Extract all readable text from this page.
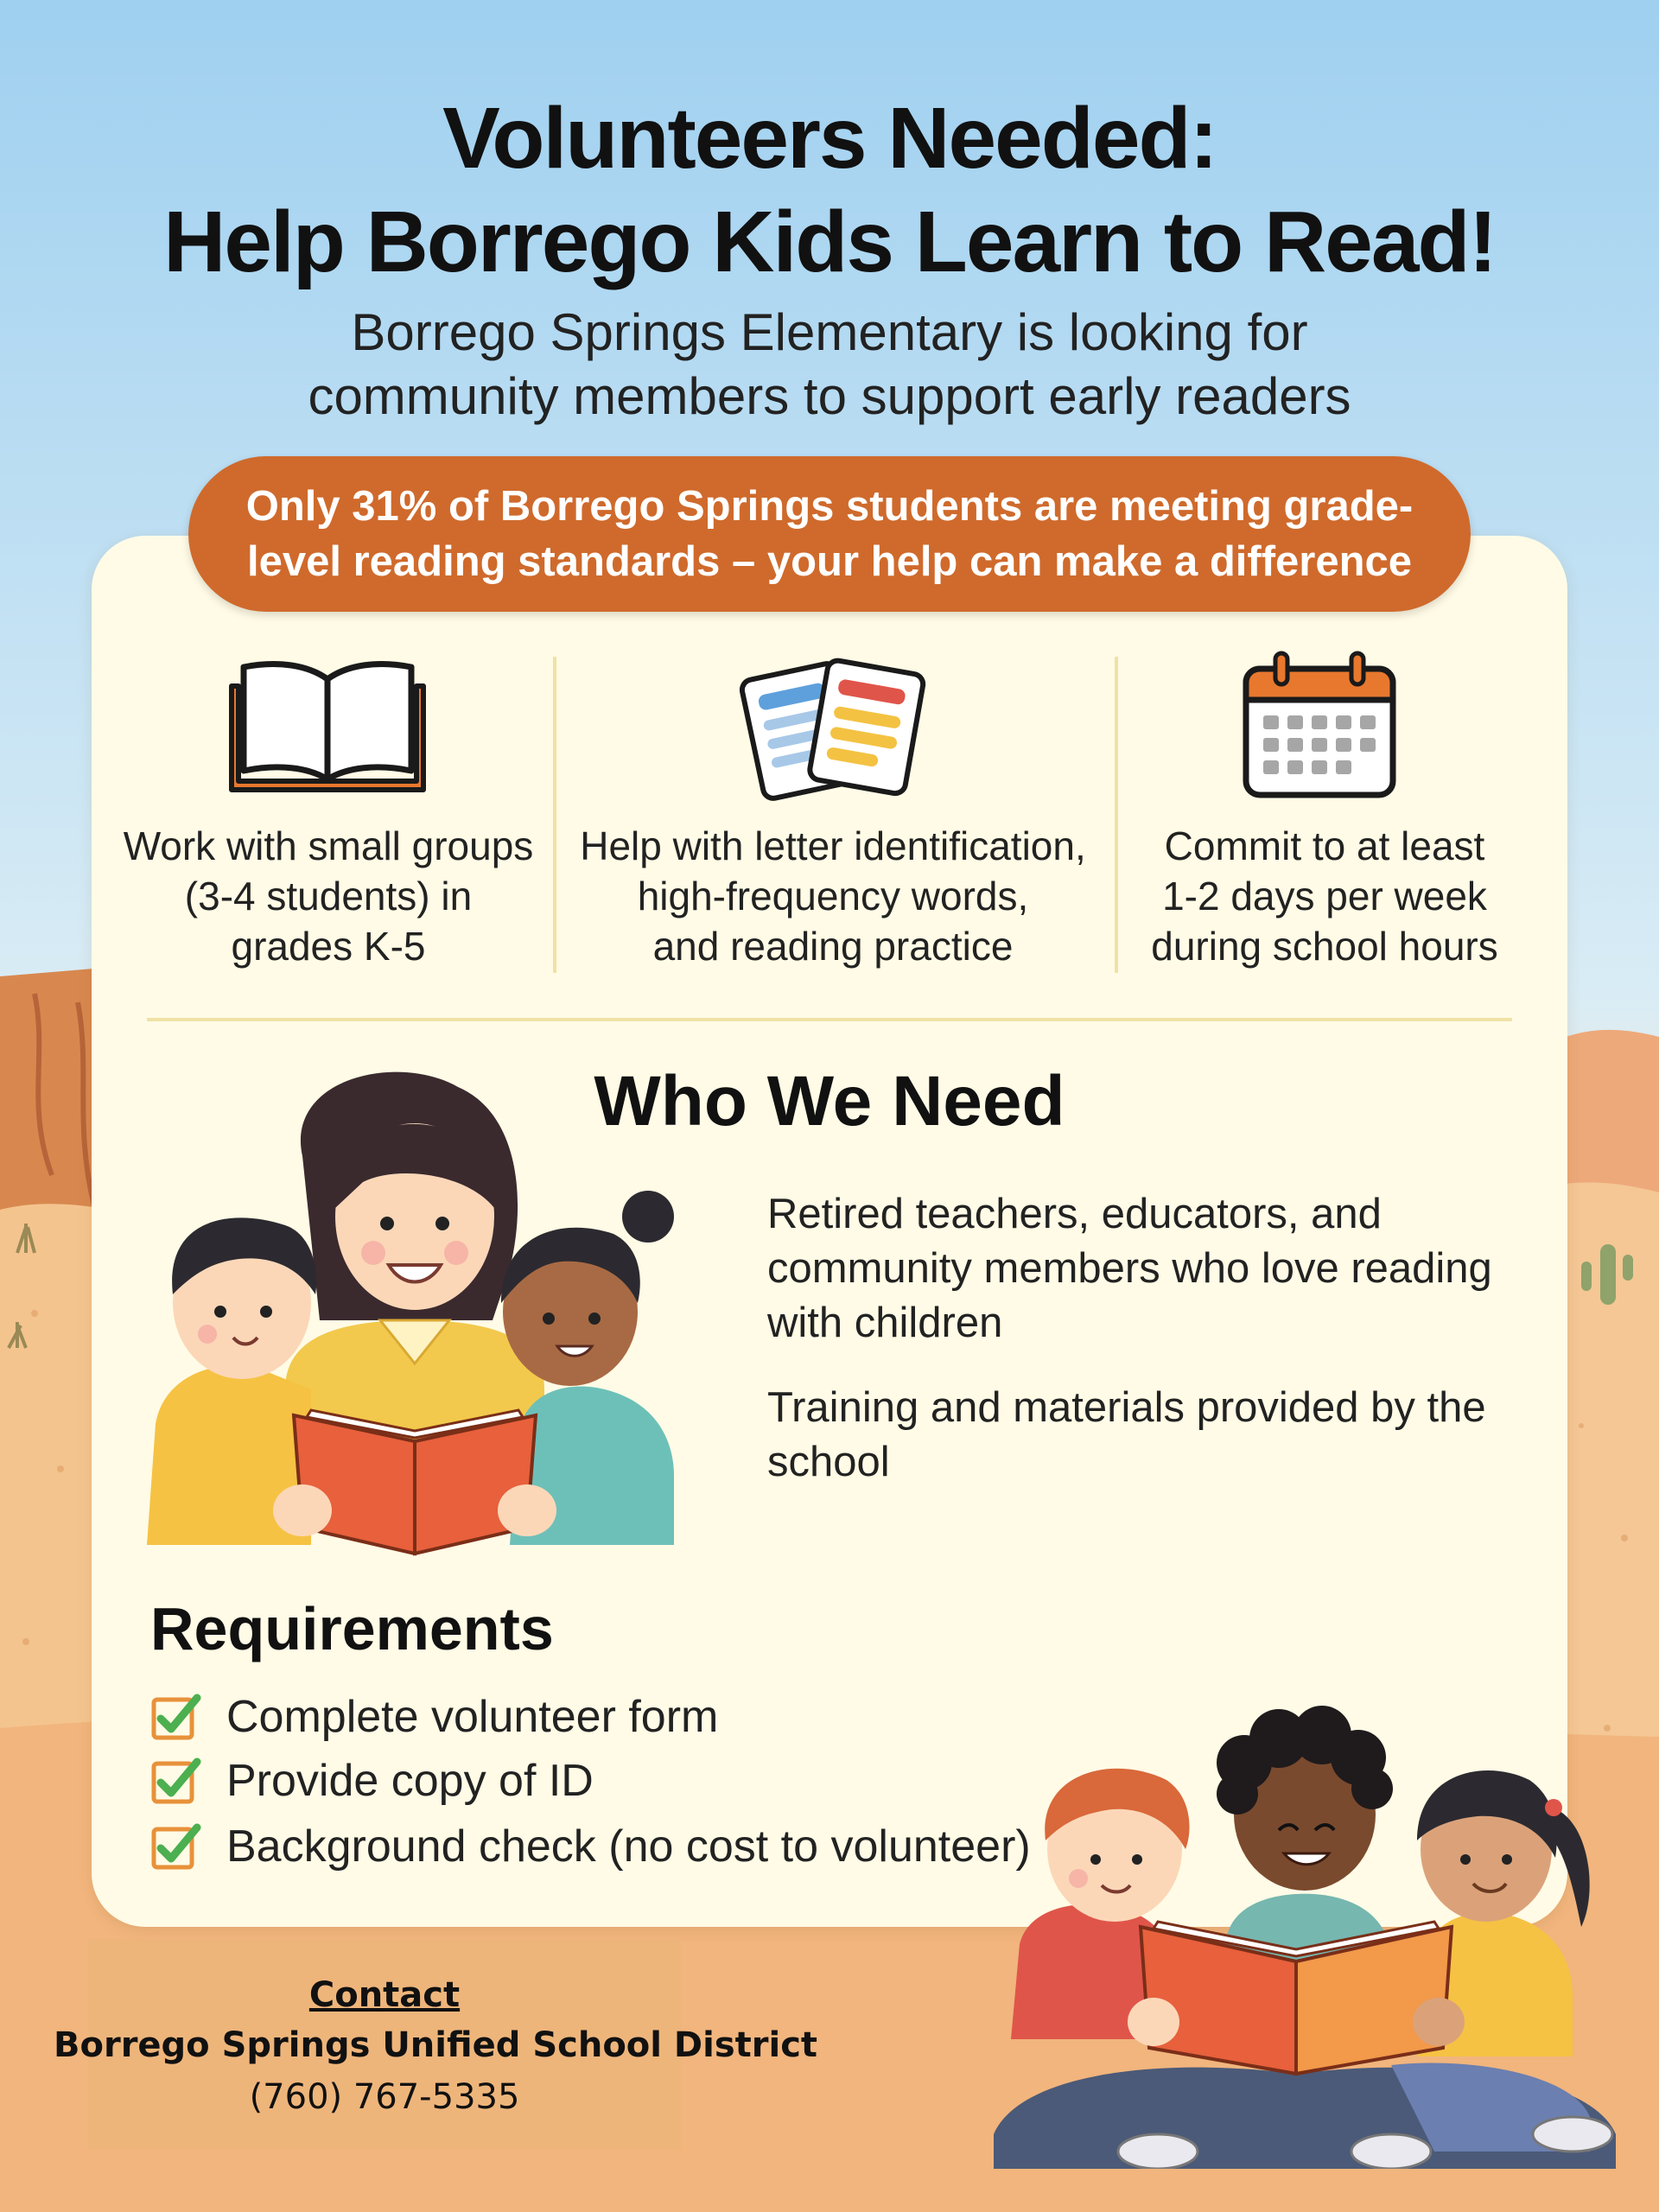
Volunteers Needed:
Help Borrego Kids Learn to Read!
Borrego Springs Elementary is looking for
community members to support early readers
Only 31% of Borrego Springs students are meeting grade-
level reading standards – your help can make a difference
Work with small groups
(3-4 students) in
grades K-5
Help with letter identification,
high-frequency words,
and reading practice
Commit to at least
1-2 days per week
during school hours
Who We Need
Retired teachers, educators, and
community members who love reading
with children
Training and materials provided by the
school
Requirements
Complete volunteer form
Provide copy of ID
Background check (no cost to volunteer)
Contact
Borrego Springs Unified School District
(760) 767-5335
